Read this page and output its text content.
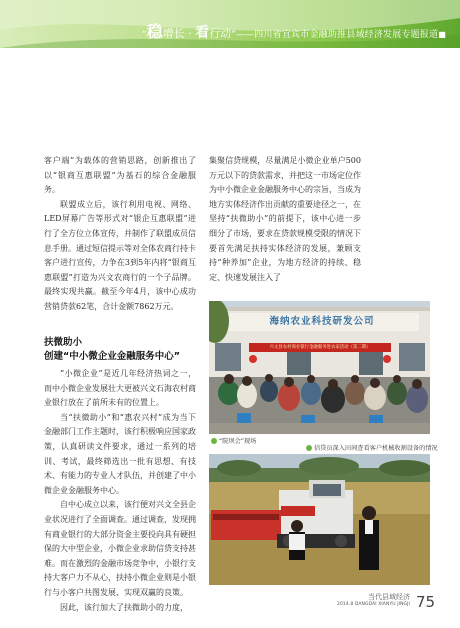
“稳增长 · 看行动”——四川省宜宾市金融助推县域经济发展专题报道■

客户端”为载体的营销思路，创新推出了以“银商互惠联盟”为基石的综合金融服务。

联盟成立后，该行利用电视、网络、LED屏幕广告等形式对“银企互惠联盟”进行了全方位立体宣传，并制作了联盟成员信息手册。通过短信提示等对全体农商行持卡客户进行宣传，力争在3到5年内将“银商互惠联盟”打造为兴文农商行的一个子品牌。最终实现共赢。截至今年4月，该中心成功营销贷款62笔，合计金额7862万元。

扶微助小
创建“中小微企业金融服务中心”

“小微企业”是近几年经济热词之一，而中小微企业发展壮大更被兴文石海农村商业银行放在了前所未有的位置上。

当“扶微助小”和“惠农兴村”成为当下金融部门工作主题时，该行积极响应国家政策，认真研读文件要求，通过一系列的培训、考试，最终筛选出一批有思想、有技术、有能力的专业人才队伍，并创建了中小微企业金融服务中心。

自中心成立以来，该行便对兴文全县企业状况进行了全面调查。通过调查，发现拥有商业银行的大部分资金主要投向具有硬担保的大中型企业，小微企业求助信贷支持甚难。而在激烈的金融市场竞争中，小银行支持大客户力不从心，扶持小微企业则是小银行与小客户共图发展、实现双赢的良策。

因此，该行加大了扶微助小的力度，

集聚信贷规模，尽量满足小微企业单户500万元以下的贷款需求，并把这一市场定位作为中小微企业金融服务中心的宗旨，当成为地方实体经济作出贡献的重要途径之一，在坚持“扶微助小”的前提下，该中心进一步细分了市场，要求在贷款规模受限的情况下要首先满足扶持实体经济的发展，兼顾支持“种养加”企业，为地方经济的持续、稳定、快速发展注入了

海纳农业科技研发公司
兴文县农村商业银行金融服务进农家活动（第二期）
“院坝会”现场
信贷员深入田间查看客户机械收割设备的情况
当代县域经济
2014.8 DANGDAI XIANYU JINGJI 75
